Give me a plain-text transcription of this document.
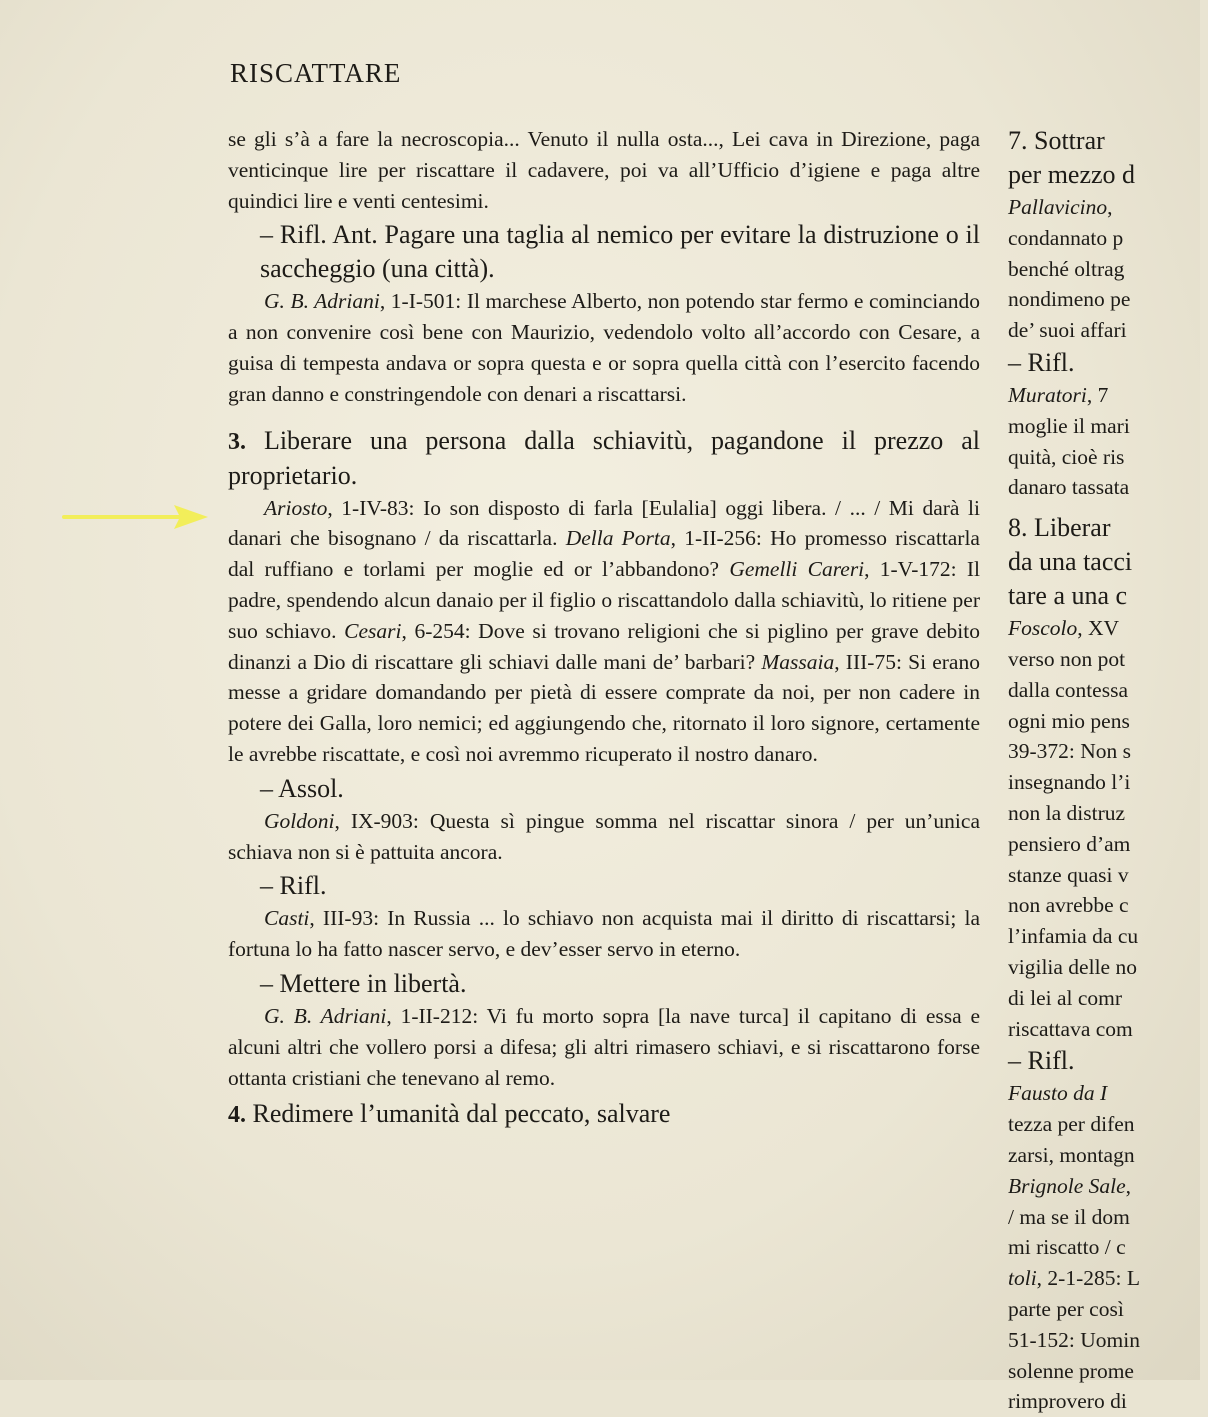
RISCATTARE

se gli s’à a fare la necroscopia... Venuto il nulla osta..., Lei cava in Direzione, paga venticinque lire per riscattare il cadavere, poi va all’Ufficio d’igiene e paga altre quindici lire e venti centesimi.

– Rifl. Ant. Pagare una taglia al nemico per evitare la distruzione o il saccheggio (una città).

G. B. Adriani, 1-I-501: Il marchese Alberto, non potendo star fermo e cominciando a non convenire così bene con Maurizio, vedendolo volto all’accordo con Cesare, a guisa di tempesta andava or sopra questa e or sopra quella città con l’esercito facendo gran danno e constringendole con denari a riscattarsi.

3. Liberare una persona dalla schiavitù, pagandone il prezzo al proprietario.

Ariosto, 1-IV-83: Io son disposto di farla [Eulalia] oggi libera. / ... / Mi darà li danari che bisognano / da riscattarla. Della Porta, 1-II-256: Ho promesso riscattarla dal ruffiano e torlami per moglie ed or l’abbandono? Gemelli Careri, 1-V-172: Il padre, spendendo alcun danaio per il figlio o riscattandolo dalla schiavitù, lo ritiene per suo schiavo. Cesari, 6-254: Dove si trovano religioni che si piglino per grave debito dinanzi a Dio di riscattare gli schiavi dalle mani de’ barbari? Massaia, III-75: Si erano messe a gridare domandando per pietà di essere comprate da noi, per non cadere in potere dei Galla, loro nemici; ed aggiungendo che, ritornato il loro signore, certamente le avrebbe riscattate, e così noi avremmo ricuperato il nostro danaro.

– Assol.

Goldoni, IX-903: Questa sì pingue somma nel riscattar sinora / per un’unica schiava non si è pattuita ancora.

– Rifl.

Casti, III-93: In Russia ... lo schiavo non acquista mai il diritto di riscattarsi; la fortuna lo ha fatto nascer servo, e dev’esser servo in eterno.

– Mettere in libertà.

G. B. Adriani, 1-II-212: Vi fu morto sopra [la nave turca] il capitano di essa e alcuni altri che vollero porsi a difesa; gli altri rimasero schiavi, e si riscattarono forse ottanta cristiani che tenevano al remo.

4. Redimere l’umanità dal peccato, salvare

7. Sottrar
per mezzo d
Pallavicino,
condannato p
benché oltrag
nondimeno pe
de’ suoi affari
– Rifl.
Muratori, 7
moglie il mari
quità, cioè ris
danaro tassata
8. Liberar
da una tacci
tare a una c
Foscolo, XV
verso non pot
dalla contessa
ogni mio pens
39-372: Non s
insegnando l’i
non la distruz
pensiero d’am
stanze quasi v
non avrebbe c
l’infamia da cu
vigilia delle no
di lei al comr
riscattava com
– Rifl.
Fausto da I
tezza per difen
zarsi, montagn
Brignole Sale,
/ ma se il dom
mi riscatto / c
toli, 2-1-285: L
parte per così
51-152: Uomin
solenne prome
rimprovero di
